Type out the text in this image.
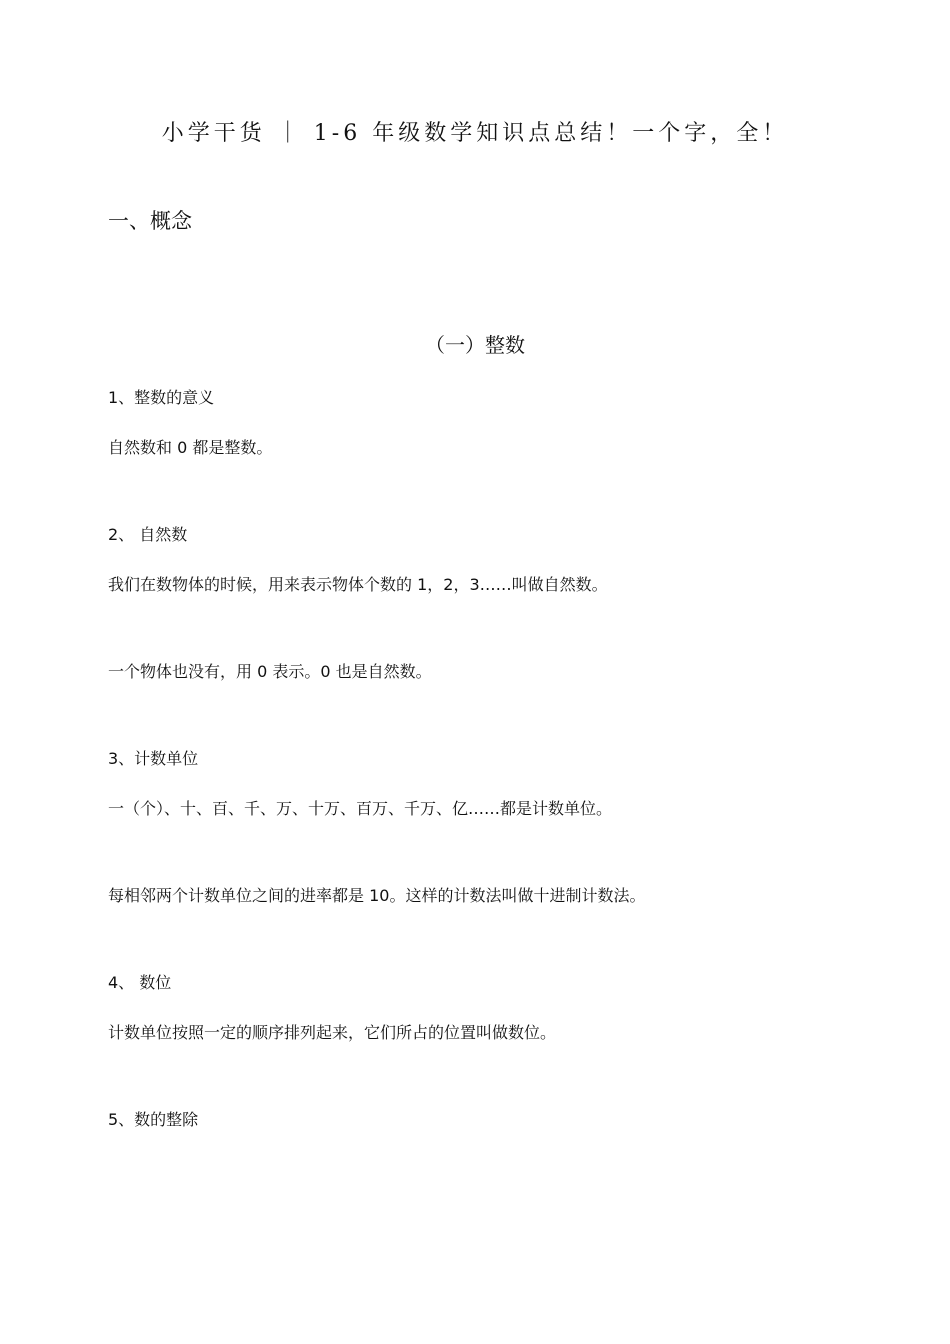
小学干货 ｜ 1-6 年级数学知识点总结！一个字，全！
一、概念
（一）整数
1、整数的意义
自然数和 0 都是整数。
2、 自然数
我们在数物体的时候，用来表示物体个数的 1，2，3……叫做自然数。
一个物体也没有，用 0 表示。0 也是自然数。
3、计数单位
一（个）、十、百、千、万、十万、百万、千万、亿……都是计数单位。
每相邻两个计数单位之间的进率都是 10。这样的计数法叫做十进制计数法。
4、 数位
计数单位按照一定的顺序排列起来，它们所占的位置叫做数位。
5、数的整除
